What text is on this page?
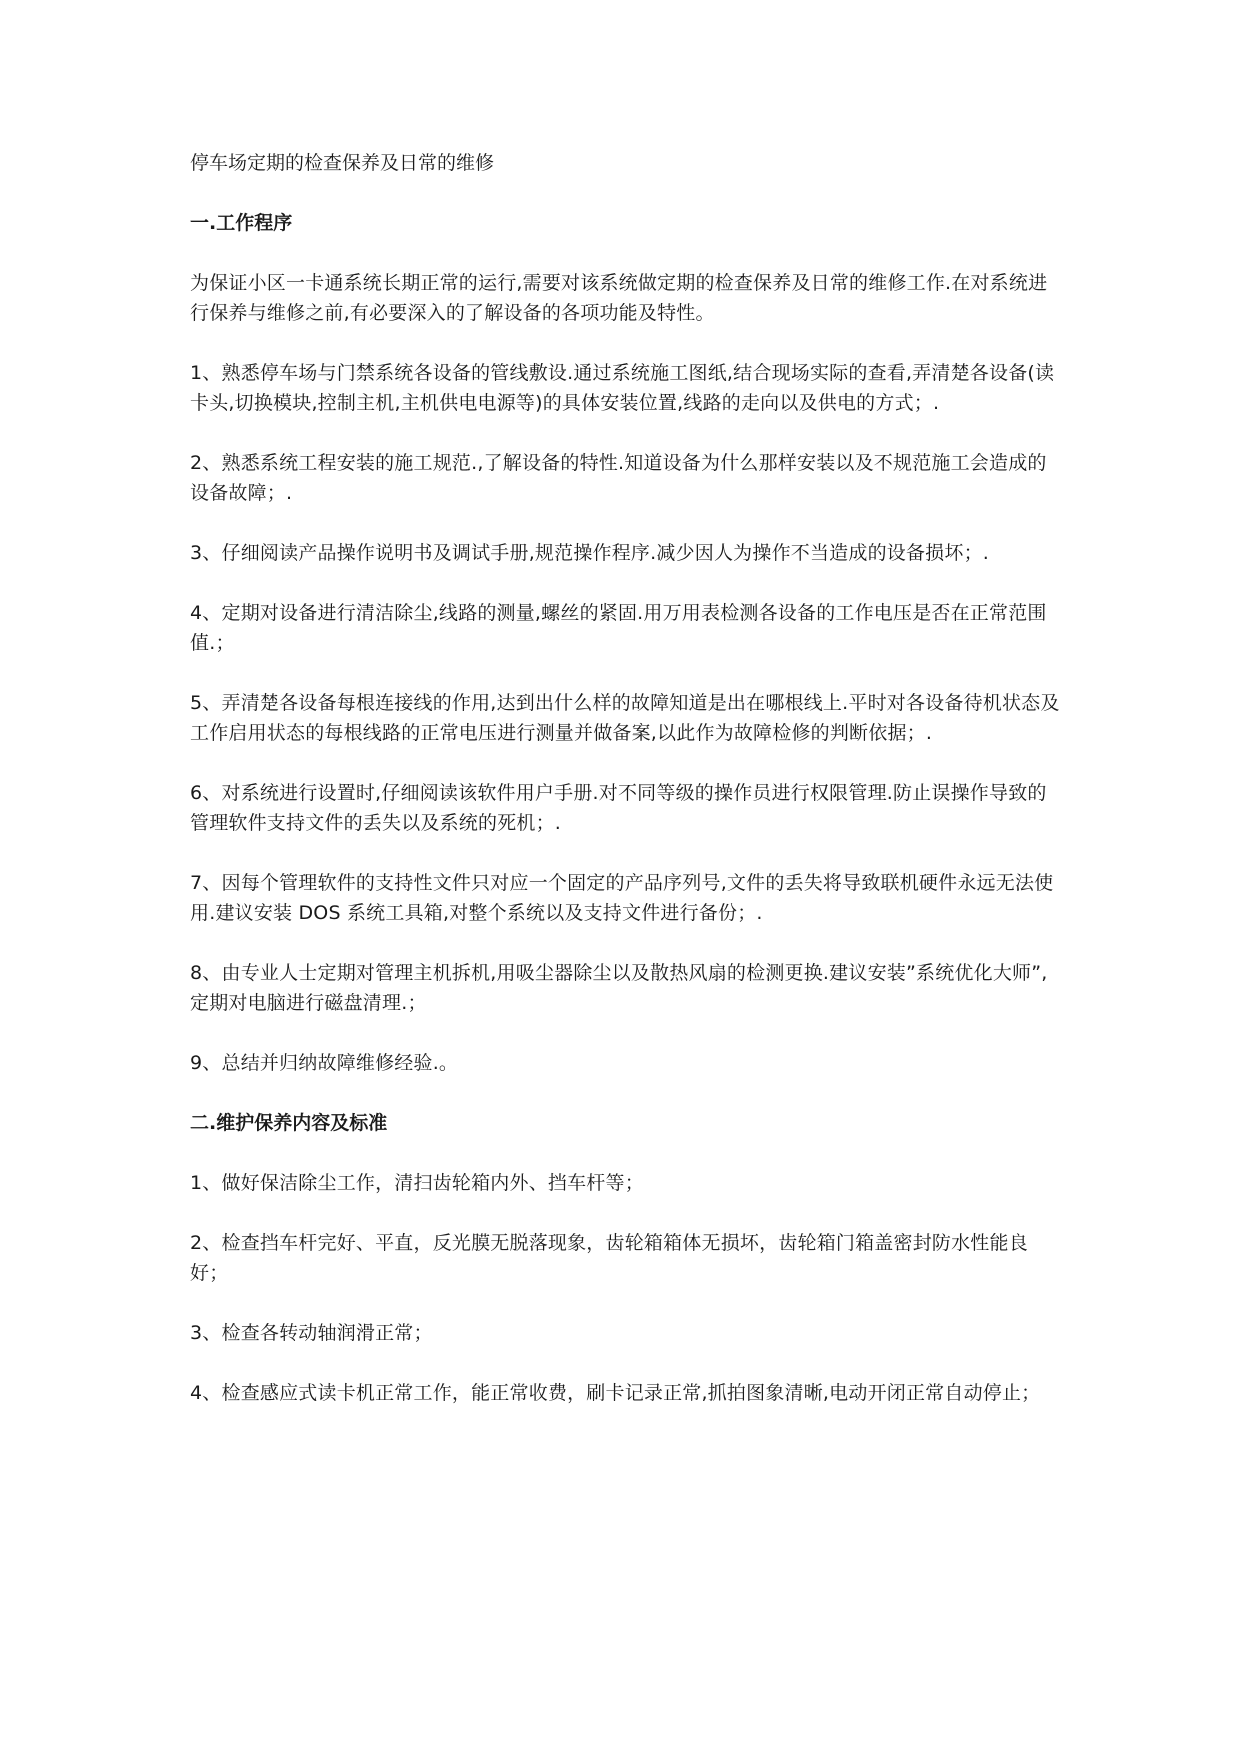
停车场定期的检查保养及日常的维修
一.工作程序
为保证小区一卡通系统长期正常的运行,需要对该系统做定期的检查保养及日常的维修工作.在对系统进行保养与维修之前,有必要深入的了解设备的各项功能及特性。
1、熟悉停车场与门禁系统各设备的管线敷设.通过系统施工图纸,结合现场实际的查看,弄清楚各设备(读卡头,切换模块,控制主机,主机供电电源等)的具体安装位置,线路的走向以及供电的方式；.
2、熟悉系统工程安装的施工规范.,了解设备的特性.知道设备为什么那样安装以及不规范施工会造成的设备故障；.
3、仔细阅读产品操作说明书及调试手册,规范操作程序.减少因人为操作不当造成的设备损坏；.
4、定期对设备进行清洁除尘,线路的测量,螺丝的紧固.用万用表检测各设备的工作电压是否在正常范围值.；
5、弄清楚各设备每根连接线的作用,达到出什么样的故障知道是出在哪根线上.平时对各设备待机状态及工作启用状态的每根线路的正常电压进行测量并做备案,以此作为故障检修的判断依据；.
6、对系统进行设置时,仔细阅读该软件用户手册.对不同等级的操作员进行权限管理.防止误操作导致的管理软件支持文件的丢失以及系统的死机；.
7、因每个管理软件的支持性文件只对应一个固定的产品序列号,文件的丢失将导致联机硬件永远无法使用.建议安装 DOS 系统工具箱,对整个系统以及支持文件进行备份；.
8、由专业人士定期对管理主机拆机,用吸尘器除尘以及散热风扇的检测更换.建议安装”系统优化大师”,定期对电脑进行磁盘清理.；
9、总结并归纳故障维修经验.。
二.维护保养内容及标准
1、做好保洁除尘工作，清扫齿轮箱内外、挡车杆等；
2、检查挡车杆完好、平直，反光膜无脱落现象，齿轮箱箱体无损坏，齿轮箱门箱盖密封防水性能良好；
3、检查各转动轴润滑正常；
4、检查感应式读卡机正常工作，能正常收费，刷卡记录正常,抓拍图象清晰,电动开闭正常自动停止；
